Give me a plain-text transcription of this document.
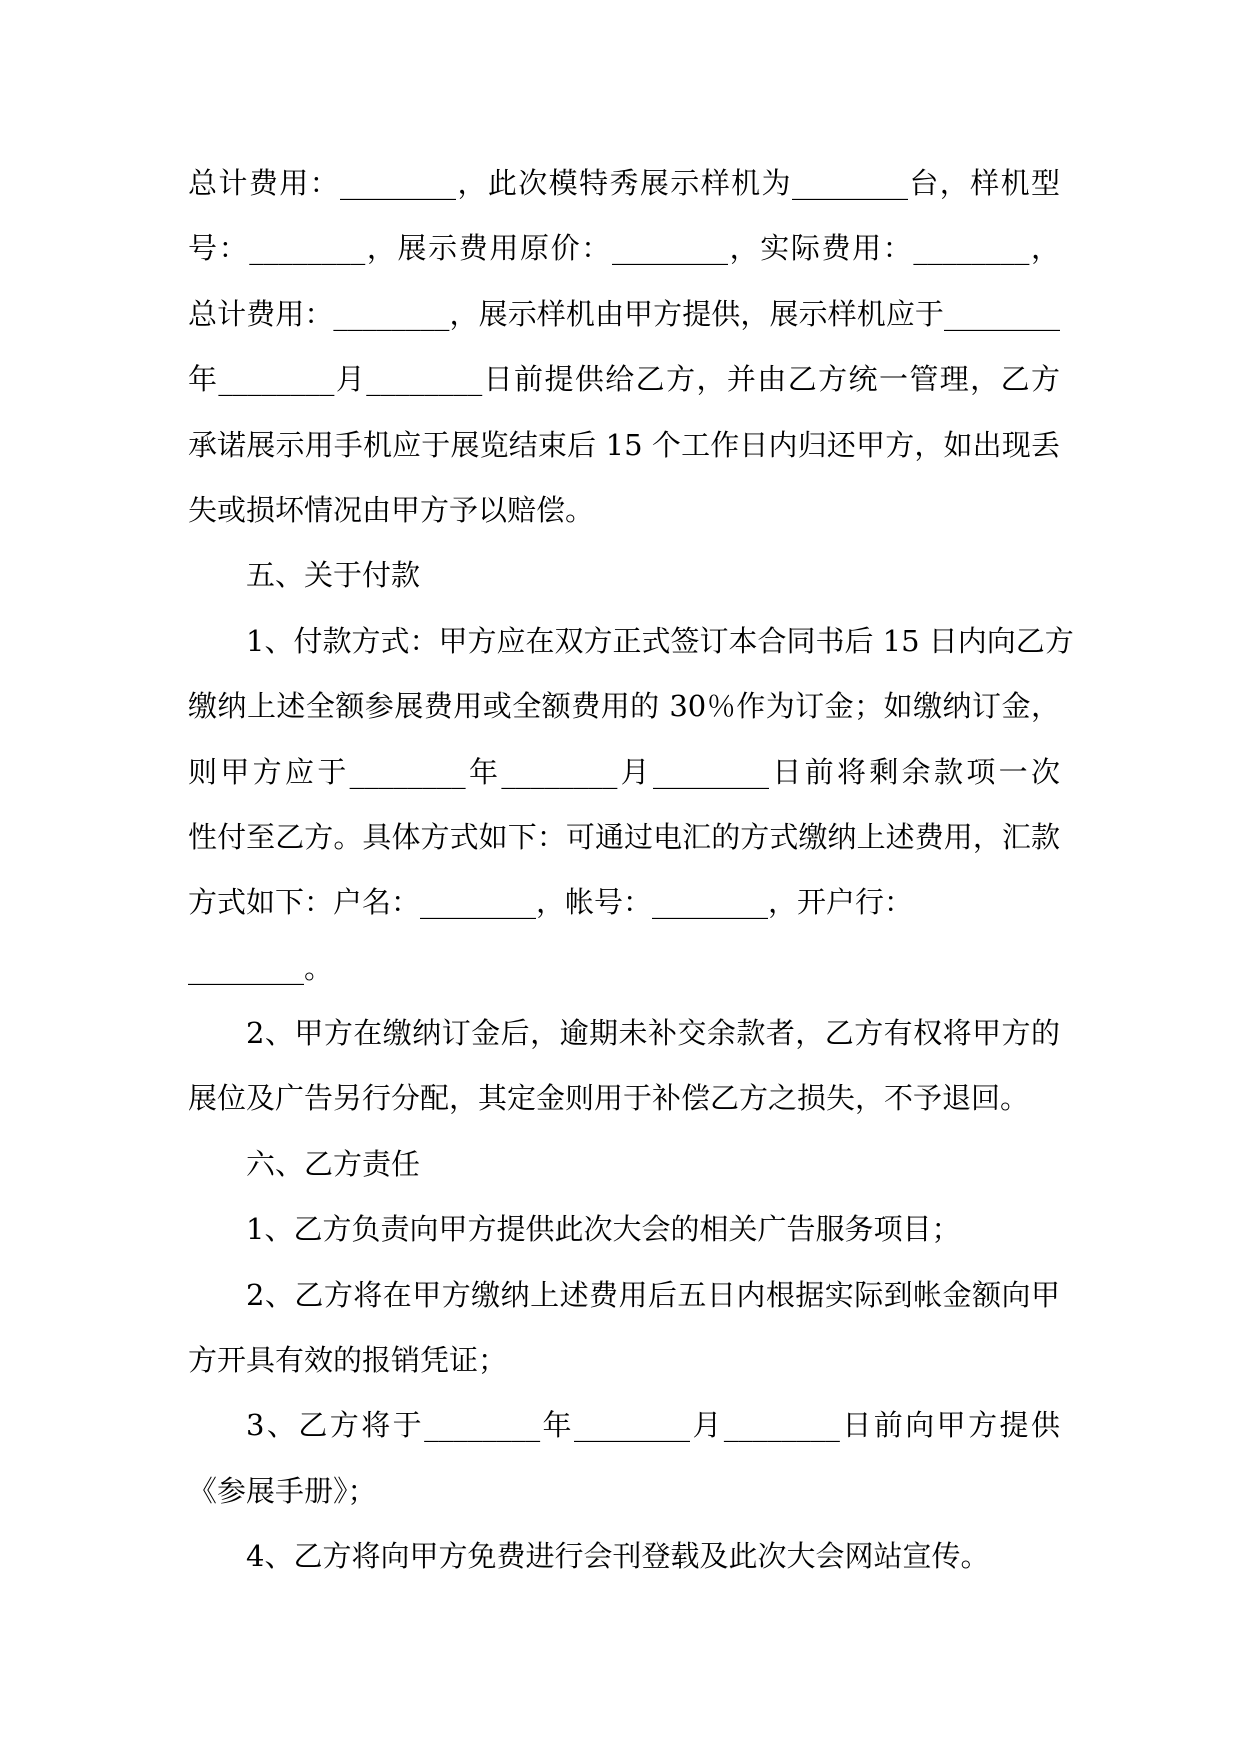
总计费用：________，此次模特秀展示样机为________台，样机型
号：________，展示费用原价：________，实际费用：________，
总计费用：________，展示样机由甲方提供，展示样机应于________
年________月________日前提供给乙方，并由乙方统一管理，乙方
承诺展示用手机应于展览结束后 15 个工作日内归还甲方，如出现丢
失或损坏情况由甲方予以赔偿。
五、关于付款
1、付款方式：甲方应在双方正式签订本合同书后 15 日内向乙方
缴纳上述全额参展费用或全额费用的 30％作为订金；如缴纳订金，
则甲方应于________年________月________日前将剩余款项一次
性付至乙方。具体方式如下：可通过电汇的方式缴纳上述费用，汇款
方式如下：户名：________，帐号：________，开户行：
________。
2、甲方在缴纳订金后，逾期未补交余款者，乙方有权将甲方的
展位及广告另行分配，其定金则用于补偿乙方之损失，不予退回。
六、乙方责任
1、乙方负责向甲方提供此次大会的相关广告服务项目；
2、乙方将在甲方缴纳上述费用后五日内根据实际到帐金额向甲
方开具有效的报销凭证；
3、乙方将于________年________月________日前向甲方提供
《参展手册》；
4、乙方将向甲方免费进行会刊登载及此次大会网站宣传。
